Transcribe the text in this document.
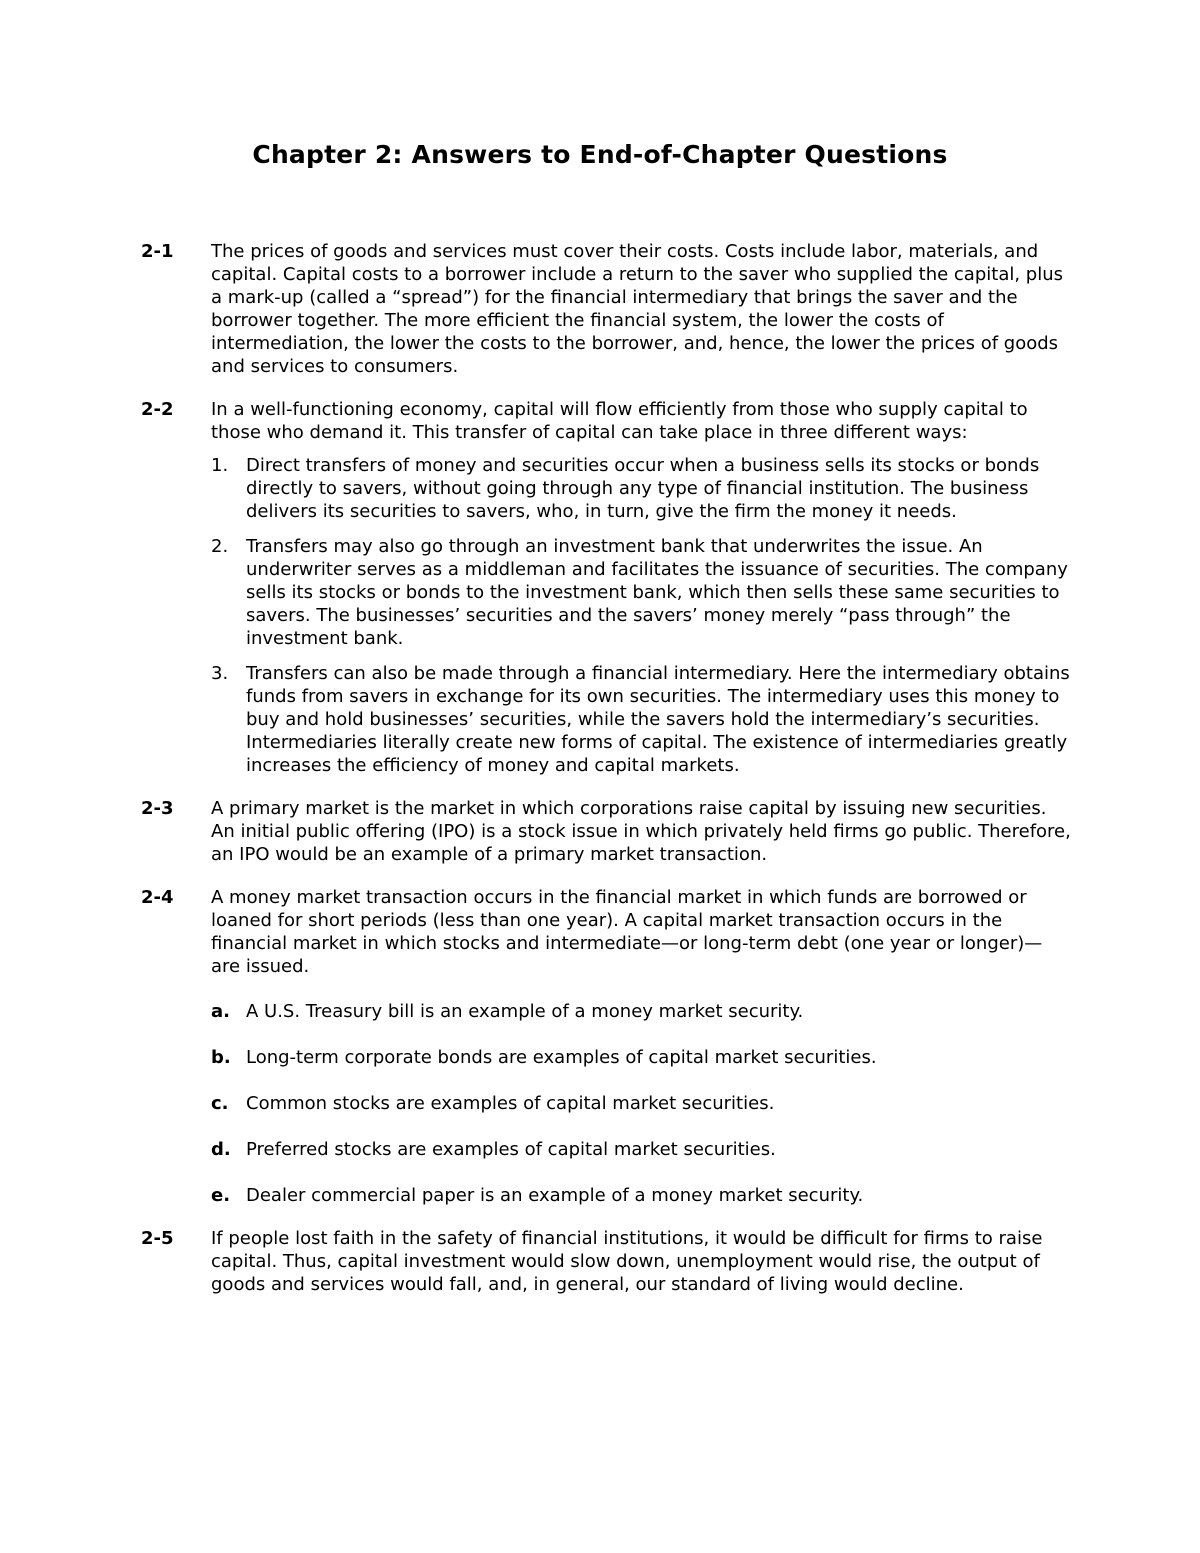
Chapter 2: Answers to End-of-Chapter Questions
2-1 The prices of goods and services must cover their costs. Costs include labor, materials, and capital. Capital costs to a borrower include a return to the saver who supplied the capital, plus a mark-up (called a “spread”) for the financial intermediary that brings the saver and the borrower together. The more efficient the financial system, the lower the costs of intermediation, the lower the costs to the borrower, and, hence, the lower the prices of goods and services to consumers.
2-2 In a well-functioning economy, capital will flow efficiently from those who supply capital to those who demand it. This transfer of capital can take place in three different ways:
1. Direct transfers of money and securities occur when a business sells its stocks or bonds directly to savers, without going through any type of financial institution. The business delivers its securities to savers, who, in turn, give the firm the money it needs.
2. Transfers may also go through an investment bank that underwrites the issue. An underwriter serves as a middleman and facilitates the issuance of securities. The company sells its stocks or bonds to the investment bank, which then sells these same securities to savers. The businesses’ securities and the savers’ money merely “pass through” the investment bank.
3. Transfers can also be made through a financial intermediary. Here the intermediary obtains funds from savers in exchange for its own securities. The intermediary uses this money to buy and hold businesses’ securities, while the savers hold the intermediary’s securities. Intermediaries literally create new forms of capital. The existence of intermediaries greatly increases the efficiency of money and capital markets.
2-3 A primary market is the market in which corporations raise capital by issuing new securities. An initial public offering (IPO) is a stock issue in which privately held firms go public. Therefore, an IPO would be an example of a primary market transaction.
2-4 A money market transaction occurs in the financial market in which funds are borrowed or loaned for short periods (less than one year). A capital market transaction occurs in the financial market in which stocks and intermediate—or long-term debt (one year or longer)—are issued.
a. A U.S. Treasury bill is an example of a money market security.
b. Long-term corporate bonds are examples of capital market securities.
c. Common stocks are examples of capital market securities.
d. Preferred stocks are examples of capital market securities.
e. Dealer commercial paper is an example of a money market security.
2-5 If people lost faith in the safety of financial institutions, it would be difficult for firms to raise capital. Thus, capital investment would slow down, unemployment would rise, the output of goods and services would fall, and, in general, our standard of living would decline.
